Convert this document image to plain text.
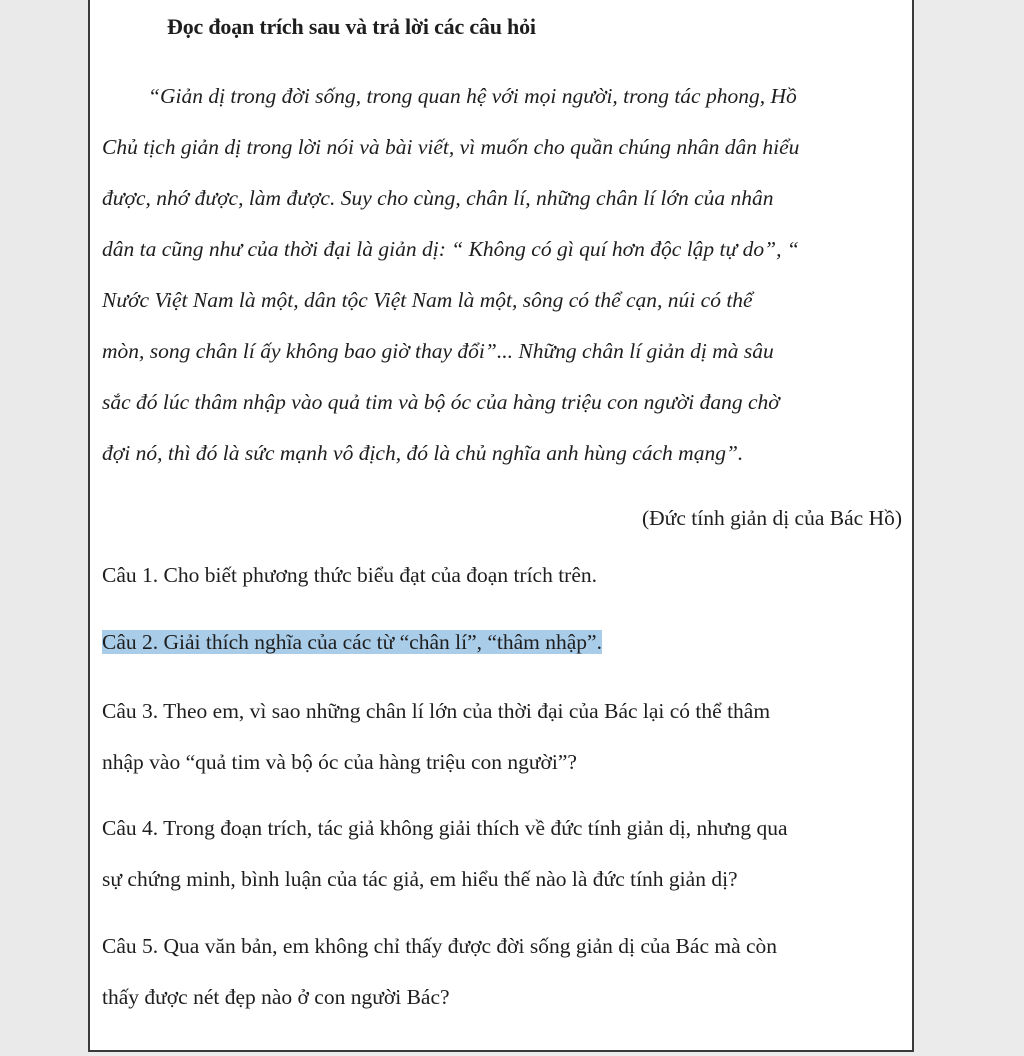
Đọc đoạn trích sau và trả lời các câu hỏi
“Giản dị trong đời sống, trong quan hệ với mọi người, trong tác phong, Hồ
Chủ tịch giản dị trong lời nói và bài viết, vì muốn cho quần chúng nhân dân hiểu
được, nhớ được, làm được. Suy cho cùng, chân lí, những chân lí lớn của nhân
dân ta cũng như của thời đại là giản dị: “ Không có gì quí hơn độc lập tự do”, “
Nước Việt Nam là một, dân tộc Việt Nam là một, sông có thể cạn, núi có thể
mòn, song chân lí ấy không bao giờ thay đổi”... Những chân lí giản dị mà sâu
sắc đó lúc thâm nhập vào quả tim và bộ óc của hàng triệu con người đang chờ
đợi nó, thì đó là sức mạnh vô địch, đó là chủ nghĩa anh hùng cách mạng”.
(Đức tính giản dị của Bác Hồ)
Câu 1. Cho biết phương thức biểu đạt của đoạn trích trên.
Câu 2. Giải thích nghĩa của các từ “chân lí”, “thâm nhập”.
Câu 3. Theo em, vì sao những chân lí lớn của thời đại của Bác lại có thể thâm
nhập vào “quả tim và bộ óc của hàng triệu con người”?
Câu 4. Trong đoạn trích, tác giả không giải thích về đức tính giản dị, nhưng qua
sự chứng minh, bình luận của tác giả, em hiểu thế nào là đức tính giản dị?
Câu 5. Qua văn bản, em không chỉ thấy được đời sống giản dị của Bác mà còn
thấy được nét đẹp nào ở con người Bác?
